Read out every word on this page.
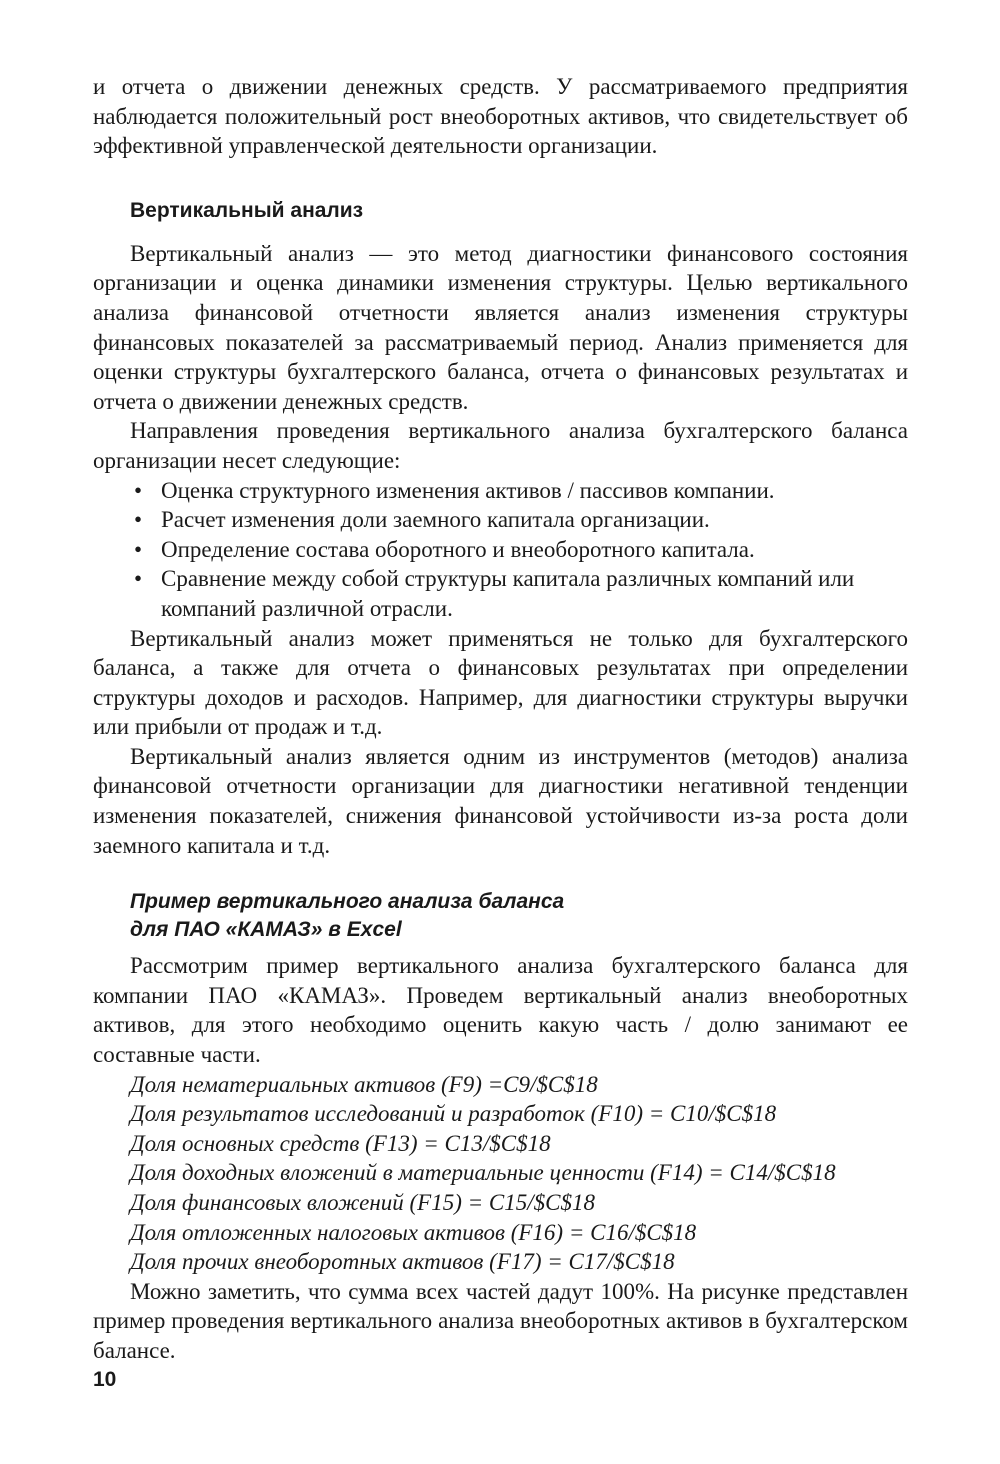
и отчета о движении денежных средств. У рассматриваемого предприятия наблюдается положительный рост внеоборотных активов, что свидетельствует об эффективной управленческой деятельности организации.

Вертикальный анализ

Вертикальный анализ — это метод диагностики финансового состояния организации и оценка динамики изменения структуры. Целью вертикального анализа финансовой отчетности является анализ изменения структуры финансовых показателей за рассматриваемый период. Анализ применяется для оценки структуры бухгалтерского баланса, отчета о финансовых результатах и отчета о движении денежных средств.

Направления проведения вертикального анализа бухгалтерского баланса организации несет следующие:

• Оценка структурного изменения активов / пассивов компании.
• Расчет изменения доли заемного капитала организации.
• Определение состава оборотного и внеоборотного капитала.
• Сравнение между собой структуры капитала различных компаний или компаний различной отрасли.

Вертикальный анализ может применяться не только для бухгалтерского баланса, а также для отчета о финансовых результатах при определении структуры доходов и расходов. Например, для диагностики структуры выручки или прибыли от продаж и т.д.

Вертикальный анализ является одним из инструментов (методов) анализа финансовой отчетности организации для диагностики негативной тенденции изменения показателей, снижения финансовой устойчивости из-за роста доли заемного капитала и т.д.

Пример вертикального анализа баланса
для ПАО «КАМАЗ» в Excel

Рассмотрим пример вертикального анализа бухгалтерского баланса для компании ПАО «КАМАЗ». Проведем вертикальный анализ внеоборотных активов, для этого необходимо оценить какую часть / долю занимают ее составные части.

Доля нематериальных активов (F9) =C9/$C$18
Доля результатов исследований и разработок (F10) = C10/$C$18
Доля основных средств (F13) = C13/$C$18
Доля доходных вложений в материальные ценности (F14) = C14/$C$18
Доля финансовых вложений (F15) = C15/$C$18
Доля отложенных налоговых активов (F16) = C16/$C$18
Доля прочих внеоборотных активов (F17) = C17/$C$18

Можно заметить, что сумма всех частей дадут 100%. На рисунке представлен пример проведения вертикального анализа внеоборотных активов в бухгалтерском балансе.

10
